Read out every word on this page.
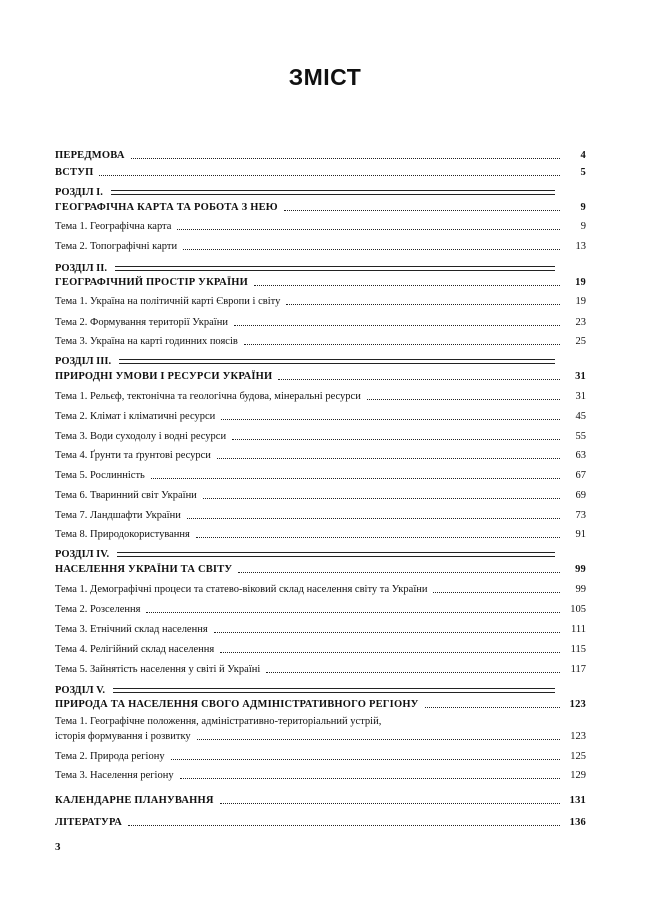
ЗМІСТ
ПЕРЕДМОВА	4
ВСТУП	5
РОЗДІЛ I.
ГЕОГРАФІЧНА КАРТА ТА РОБОТА З НЕЮ	9
Тема 1. Географічна карта	9
Тема 2. Топографічні карти	13
РОЗДІЛ II.
ГЕОГРАФІЧНИЙ ПРОСТІР УКРАЇНИ	19
Тема 1. Україна на політичній карті Європи і світу	19
Тема 2. Формування території України	23
Тема 3. Україна на карті годинних поясів	25
РОЗДІЛ III.
ПРИРОДНІ УМОВИ І РЕСУРСИ УКРАЇНИ	31
Тема 1. Рельєф, тектонічна та геологічна будова, мінеральні ресурси	31
Тема 2. Клімат і кліматичні ресурси	45
Тема 3. Води суходолу і водні ресурси	55
Тема 4. Ґрунти та ґрунтові ресурси	63
Тема 5. Рослинність	67
Тема 6. Тваринний світ України	69
Тема 7. Ландшафти України	73
Тема 8. Природокористування	91
РОЗДІЛ IV.
НАСЕЛЕННЯ УКРАЇНИ ТА СВІТУ	99
Тема 1. Демографічні процеси та статево-віковий склад населення світу та України	99
Тема 2. Розселення	105
Тема 3. Етнічний склад населення	111
Тема 4. Релігійний склад населення	115
Тема 5. Зайнятість населення у світі й Україні	117
РОЗДІЛ V.
ПРИРОДА ТА НАСЕЛЕННЯ СВОГО АДМІНІСТРАТИВНОГО РЕГІОНУ	123
Тема 1. Географічне положення, адміністративно-територіальний устрій,
історія формування і розвитку	123
Тема 2. Природа регіону	125
Тема 3. Населення регіону	129
КАЛЕНДАРНЕ ПЛАНУВАННЯ	131
ЛІТЕРАТУРА	136
3
